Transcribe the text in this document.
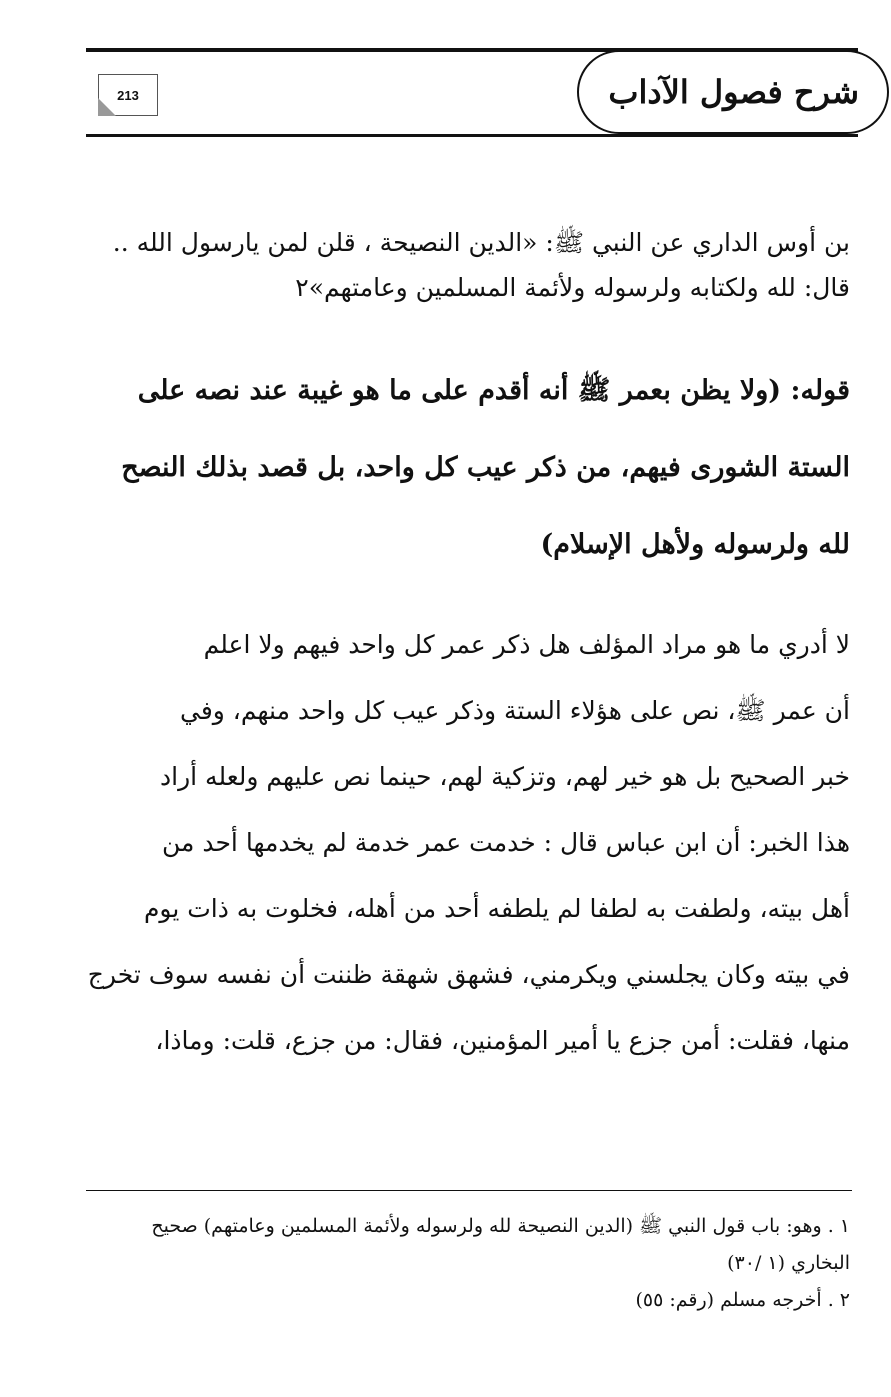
شرح فصول الآداب
213
بن أوس الداري عن النبي ﷺ: «الدين النصيحة ، قلن لمن يارسول الله ..
قال: لله ولكتابه ولرسوله ولأئمة المسلمين وعامتهم»٢
قوله: (ولا يظن بعمر ﷺ أنه أقدم على ما هو غيبة عند نصه على
الستة الشورى فيهم، من ذكر عيب كل واحد، بل قصد بذلك النصح
لله ولرسوله ولأهل الإسلام)
لا أدري ما هو مراد المؤلف هل ذكر عمر كل واحد فيهم ولا اعلم
أن عمر ﷺ، نص على هؤلاء الستة وذكر عيب كل واحد منهم، وفي
خبر الصحيح بل هو خير لهم، وتزكية لهم، حينما نص عليهم ولعله أراد
هذا الخبر: أن ابن عباس قال : خدمت عمر خدمة لم يخدمها أحد من
أهل بيته، ولطفت به لطفا لم يلطفه أحد من أهله، فخلوت به ذات يوم
في بيته وكان يجلسني ويكرمني، فشهق شهقة ظننت أن نفسه سوف تخرج
منها، فقلت: أمن جزع يا أمير المؤمنين، فقال: من جزع، قلت: وماذا،
١ . وهو: باب قول النبي ﷺ (الدين النصيحة لله ولرسوله ولأئمة المسلمين وعامتهم) صحيح
البخاري (١ /٣٠)
٢ . أخرجه مسلم (رقم: ٥٥)
